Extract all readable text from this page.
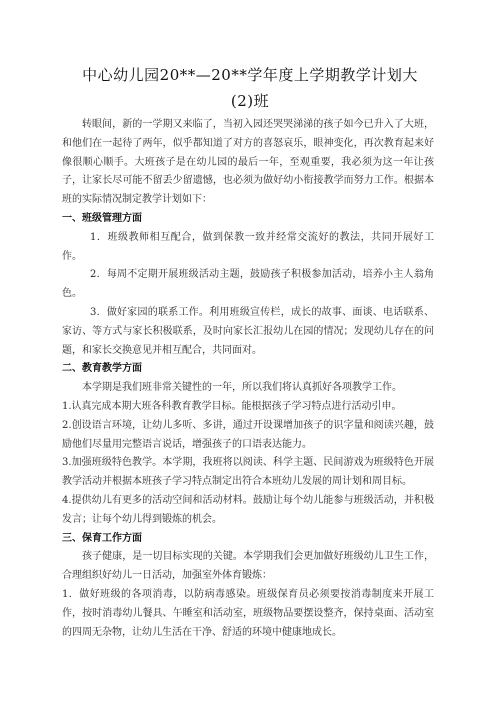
中心幼儿园20**—20**学年度上学期教学计划大
(2)班

转眼间，新的一学期又来临了，当初入园还哭哭涕涕的孩子如今已升入了大班，和他们在一起待了两年，似乎都知道了对方的喜怒哀乐，眼神变化，再次教育起来好像很顺心顺手。大班孩子是在幼儿园的最后一年，至观重要，我必须为这一年让孩子，让家长尽可能不留丢少留遗憾，也必须为做好幼小衔接教学而努力工作。根据本班的实际情况制定教学计划如下：

一、班级管理方面

1．班级教师相互配合，做到保教一致并经常交流好的教法，共同开展好工作。

2．每周不定期开展班级活动主题，鼓励孩子积极参加活动，培养小主人翁角色。

3．做好家园的联系工作。利用班级宣传栏，成长的故事、面谈、电话联系、家访、等方式与家长积极联系，及时向家长汇报幼儿在园的情况；发现幼儿存在的问题，和家长交换意见并相互配合，共同面对。

二、教育教学方面

本学期是我们班非常关键性的一年，所以我们将认真抓好各项教学工作。

1.认真完成本期大班各科教育教学目标。能根据孩子学习特点进行活动引申。

2.创设语言环境，让幼儿多听、多讲，通过开设课增加孩子的识字量和阅读兴趣，鼓励他们尽量用完整语言说话，增强孩子的口语表达能力。

3.加强班级特色教学。本学期，我班将以阅读、科学主题、民间游戏为班级特色开展教学活动并根据本班孩子学习特点制定出符合本班幼儿发展的周计划和周目标。

4.提供幼儿有更多的活动空间和活动材料。鼓励让每个幼儿能参与班级活动，并积极发言；让每个幼儿得到锻炼的机会。

三、保育工作方面

孩子健康，是一切目标实现的关键。本学期我们会更加做好班级幼儿卫生工作，合理组织好幼儿一日活动，加强室外体育锻炼：

1．做好班级的各项消毒，以防病毒感染。班级保育员必须要按消毒制度来开展工作，按时消毒幼儿餐具、午睡室和活动室，班级物品要摆设整齐，保持桌面、活动室的四周无杂物，让幼儿生活在干净、舒适的环境中健康地成长。
